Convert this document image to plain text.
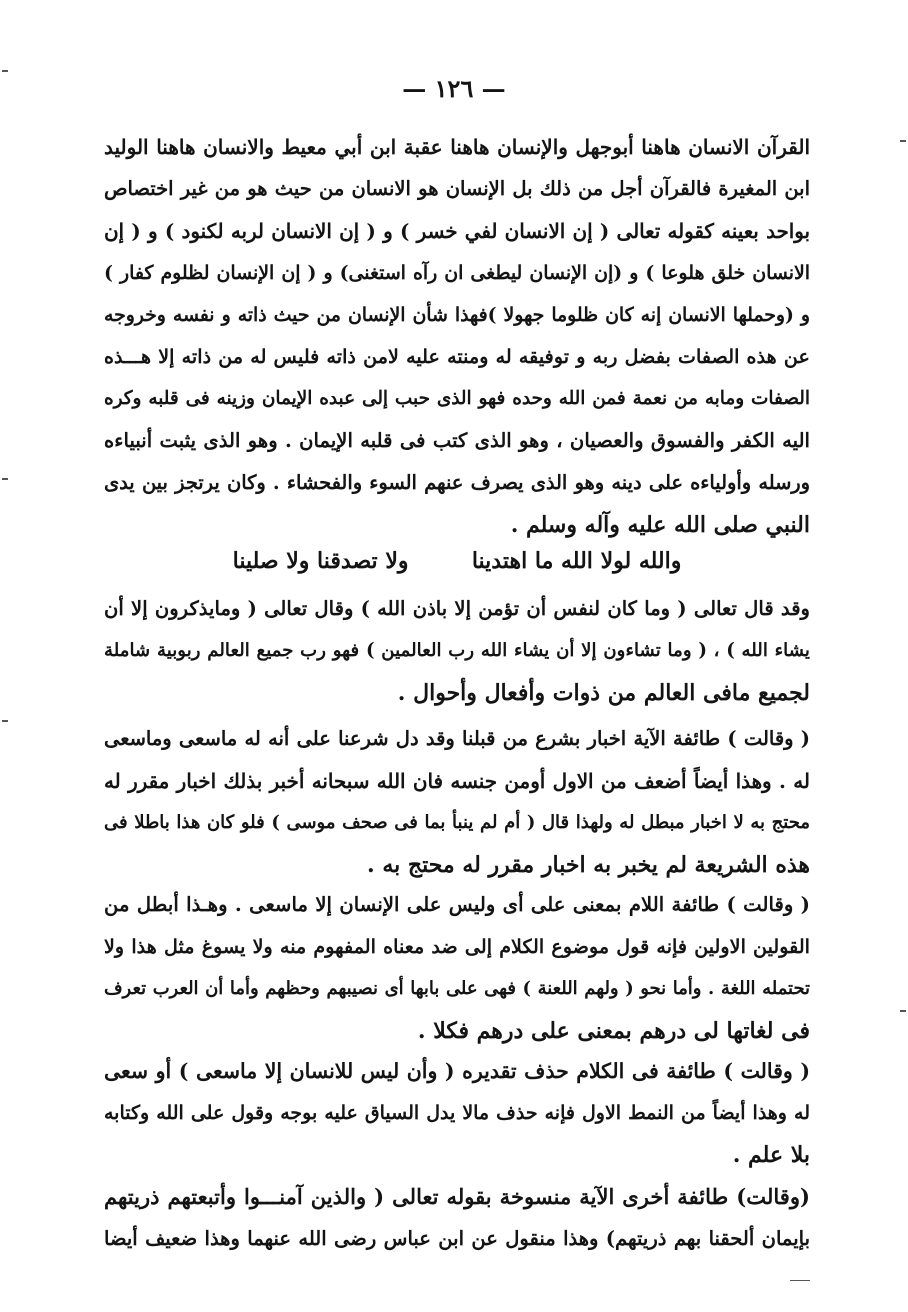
— ١٢٦ —
القرآن الانسان هاهنا أبوجهل والإنسان هاهنا عقبة ابن أبي معيط والانسان هاهنا الوليد
ابن المغيرة فالقرآن أجل من ذلك بل الإنسان هو الانسان من حيث هو من غير اختصاص
بواحد بعينه كقوله تعالى ( إن الانسان لفي خسر ) و ( إن الانسان لربه لكنود ) و ( إن
الانسان خلق هلوعا ) و (إن الإنسان ليطغى ان رآه استغنى) و ( إن الإنسان لظلوم كفار )
و (وحملها الانسان إنه كان ظلوما جهولا )فهذا شأن الإنسان من حيث ذاته و نفسه وخروجه
عن هذه الصفات بفضل ربه و توفيقه له ومنته عليه لامن ذاته فليس له من ذاته إلا هـــذه
الصفات ومابه من نعمة فمن الله وحده فهو الذى حبب إلى عبده الإيمان وزينه فى قلبه وكره
اليه الكفر والفسوق والعصيان ، وهو الذى كتب فى قلبه الإيمان . وهو الذى يثبت أنبياءه
ورسله وأولياءه على دينه وهو الذى يصرف عنهم السوء والفحشاء . وكان يرتجز بين يدى
النبي صلى الله عليه وآله وسلم .
والله لولا الله ما اهتدينا  ولا تصدقنا ولا صلينا
وقد قال تعالى ( وما كان لنفس أن تؤمن إلا باذن الله ) وقال تعالى ( ومايذكرون إلا أن
يشاء الله ) ، ( وما تشاءون إلا أن يشاء الله رب العالمين ) فهو رب جميع العالم ربوبية شاملة
لجميع مافى العالم من ذوات وأفعال وأحوال .
( وقالت ) طائفة الآية اخبار بشرع من قبلنا وقد دل شرعنا على أنه له ماسعى وماسعى
له . وهذا أيضاً أضعف من الاول أومن جنسه فان الله سبحانه أخبر بذلك اخبار مقرر له
محتج به لا اخبار مبطل له ولهذا قال ( أم لم ينبأ بما فى صحف موسى ) فلو كان هذا باطلا فى
هذه الشريعة لم يخبر به اخبار مقرر له محتج به .
( وقالت ) طائفة اللام بمعنى على أى وليس على الإنسان إلا ماسعى . وهـذا أبطل من
القولين الاولين فإنه قول موضوع الكلام إلى ضد معناه المفهوم منه ولا يسوغ مثل هذا ولا
تحتمله اللغة . وأما نحو ( ولهم اللعنة ) فهى على بابها أى نصيبهم وحظهم وأما أن العرب تعرف
فى لغاتها لى درهم بمعنى على درهم فكلا .
( وقالت ) طائفة فى الكلام حذف تقديره ( وأن ليس للانسان إلا ماسعى ) أو سعى
له وهذا أيضاً من النمط الاول فإنه حذف مالا يدل السياق عليه بوجه وقول على الله وكتابه
بلا علم .
(وقالت) طائفة أخرى الآية منسوخة بقوله تعالى ( والذين آمنـــوا وأتبعتهم ذريتهم
بإيمان ألحقنا بهم ذريتهم) وهذا منقول عن ابن عباس رضى الله عنهما وهذا ضعيف أيضا
